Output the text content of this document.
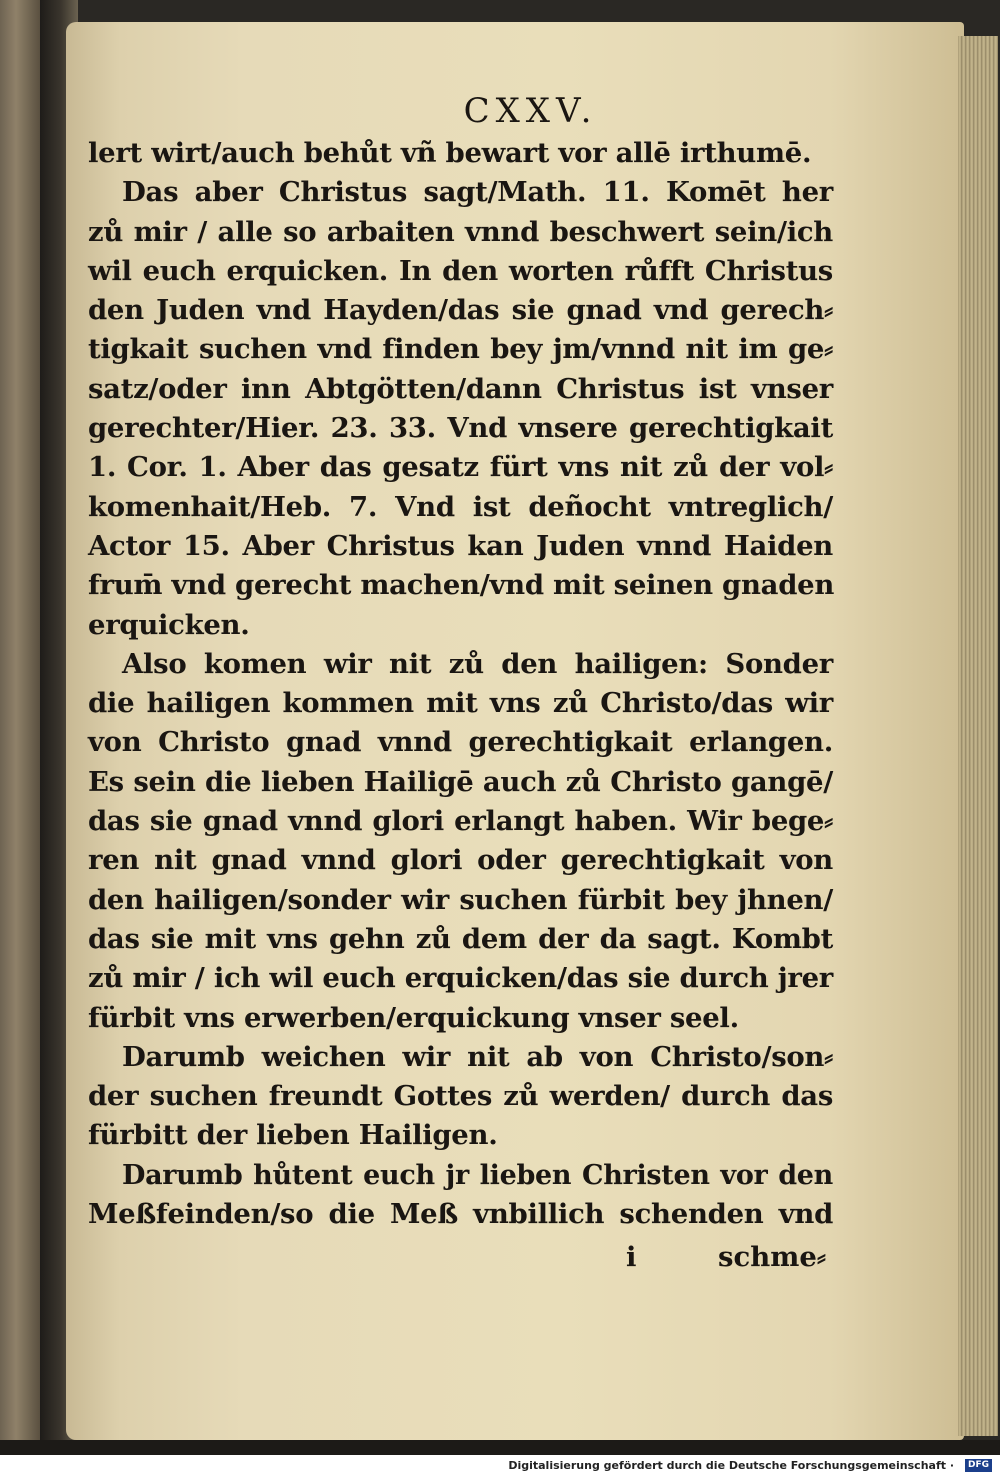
CXXV.
lert wirt/auch behůt vñ bewart vor allē irthumē.
Das aber Christus sagt/Math. 11. Komēt her
zů mir / alle so arbaiten vnnd beschwert sein/ich
wil euch erquicken. In den worten růfft Christus
den Juden vnd Hayden/das sie gnad vnd gerech⸗
tigkait suchen vnd finden bey jm/vnnd nit im ge⸗
satz/oder inn Abtgötten/dann Christus ist vnser
gerechter/Hier. 23. 33. Vnd vnsere gerechtigkait
1. Cor. 1. Aber das gesatz fürt vns nit zů der vol⸗
komenhait/Heb. 7. Vnd ist deñocht vntreglich/
Actor 15. Aber Christus kan Juden vnnd Haiden
frum̄ vnd gerecht machen/vnd mit seinen gnaden
erquicken.
Also komen wir nit zů den hailigen: Sonder
die hailigen kommen mit vns zů Christo/das wir
von Christo gnad vnnd gerechtigkait erlangen.
Es sein die lieben Hailigē auch zů Christo gangē/
das sie gnad vnnd glori erlangt haben. Wir bege⸗
ren nit gnad vnnd glori oder gerechtigkait von
den hailigen/sonder wir suchen fürbit bey jhnen/
das sie mit vns gehn zů dem der da sagt. Kombt
zů mir / ich wil euch erquicken/das sie durch jrer
fürbit vns erwerben/erquickung vnser seel.
Darumb weichen wir nit ab von Christo/son⸗
der suchen freundt Gottes zů werden/ durch das
fürbitt der lieben Hailigen.
Darumb hůtent euch jr lieben Christen vor den
Meßfeinden/so die Meß vnbillich schenden vnd
i	schme⸗
Digitalisierung gefördert durch die Deutsche Forschungsgemeinschaft ·	DFG
